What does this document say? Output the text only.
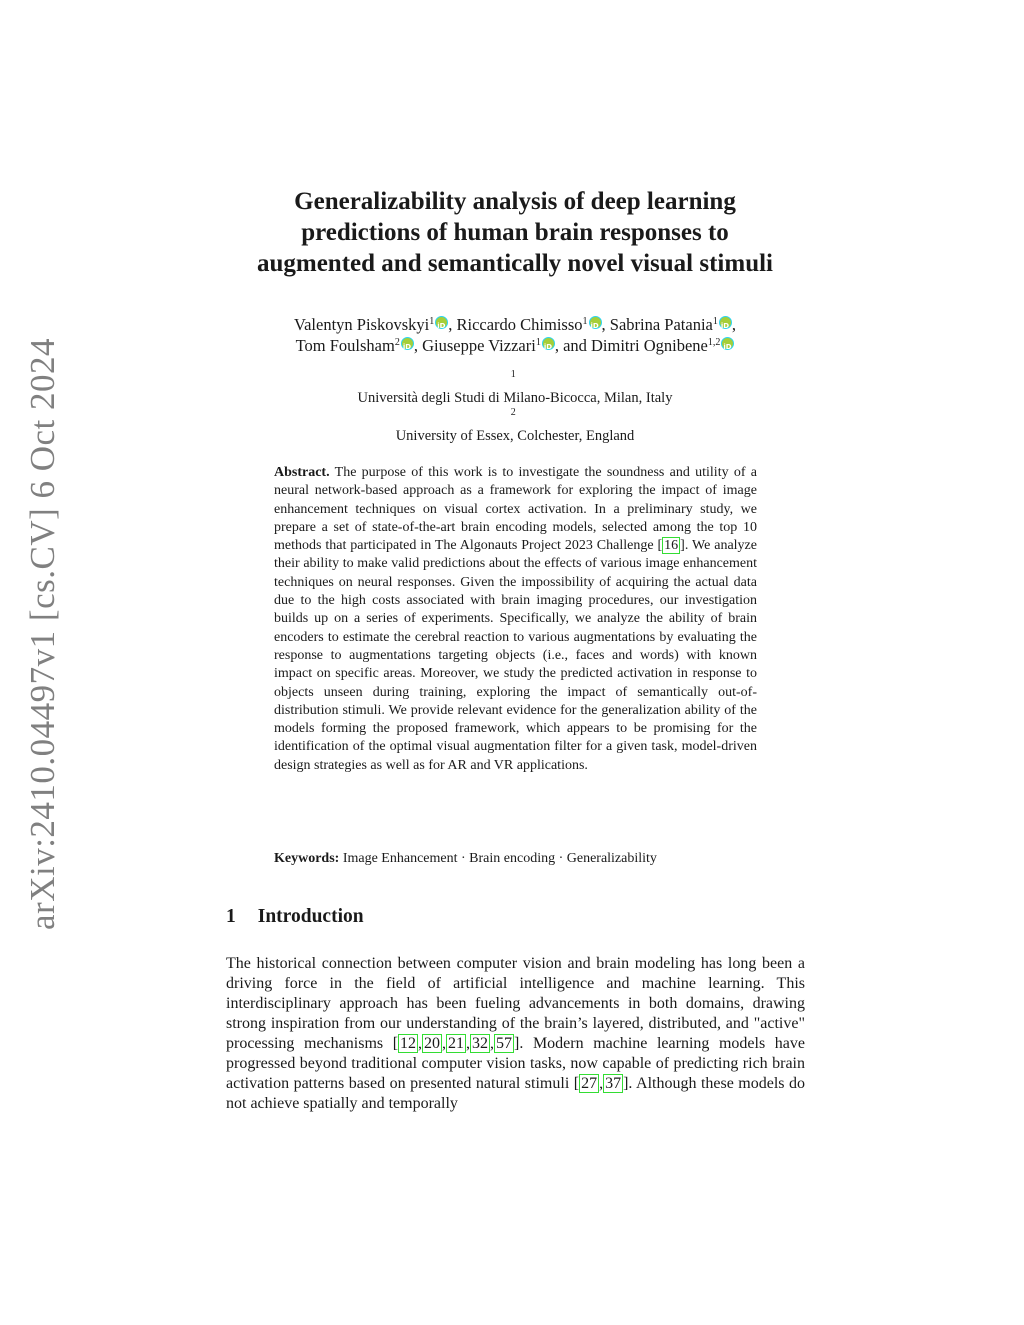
arXiv:2410.04497v1 [cs.CV] 6 Oct 2024
Generalizability analysis of deep learning
predictions of human brain responses to
augmented and semantically novel visual stimuli
Valentyn Piskovskyi$^1$ iD , Riccardo Chimisso$^1$ iD , Sabrina Patania$^1$ iD ,
Tom Foulsham$^2$ iD , Giuseppe Vizzari$^1$ iD , and Dimitri Ognibene$^{1,2}$iD
$^1$
Università degli Studi di Milano-Bicocca, Milan, Italy
$^2$
University of Essex, Colchester, England
Abstract. The purpose of this work is to investigate the soundness and utility of a neural network-based approach as a framework for exploring the impact of image enhancement techniques on visual cortex activation. In a preliminary study, we prepare a set of state-of-the-art brain encoding models, selected among the top 10 methods that participated in The Algonauts Project 2023 Challenge [ 16 ]. We analyze their ability to make valid predictions about the effects of various image enhancement techniques on neural responses. Given the impossibility of acquiring the actual data due to the high costs associated with brain imaging procedures, our investigation builds up on a series of experiments. Specifically, we analyze the ability of brain encoders to estimate the cerebral reaction to various augmentations by evaluating the response to augmentations targeting objects (i.e., faces and words) with known impact on specific areas. Moreover, we study the predicted activation in response to objects unseen during training, exploring the impact of semantically out-of-distribution stimuli. We provide relevant evidence for the generalization ability of the models forming the proposed framework, which appears to be promising for the identification of the optimal visual augmentation filter for a given task, model-driven design strategies as well as for AR and VR applications.
Keywords: Image Enhancement · Brain encoding · Generalizability
1 Introduction
The historical connection between computer vision and brain modeling has long been a driving force in the field of artificial intelligence and machine learning. This interdisciplinary approach has been fueling advancements in both domains, drawing strong inspiration from our understanding of the brain’s layered, distributed, and "active" processing mechanisms [ 12 , 20 , 21 , 32 , 57 ]. Modern machine learning models have progressed beyond traditional computer vision tasks, now capable of predicting rich brain activation patterns based on presented natural stimuli [ 27 , 37 ]. Although these models do not achieve spatially and temporally
